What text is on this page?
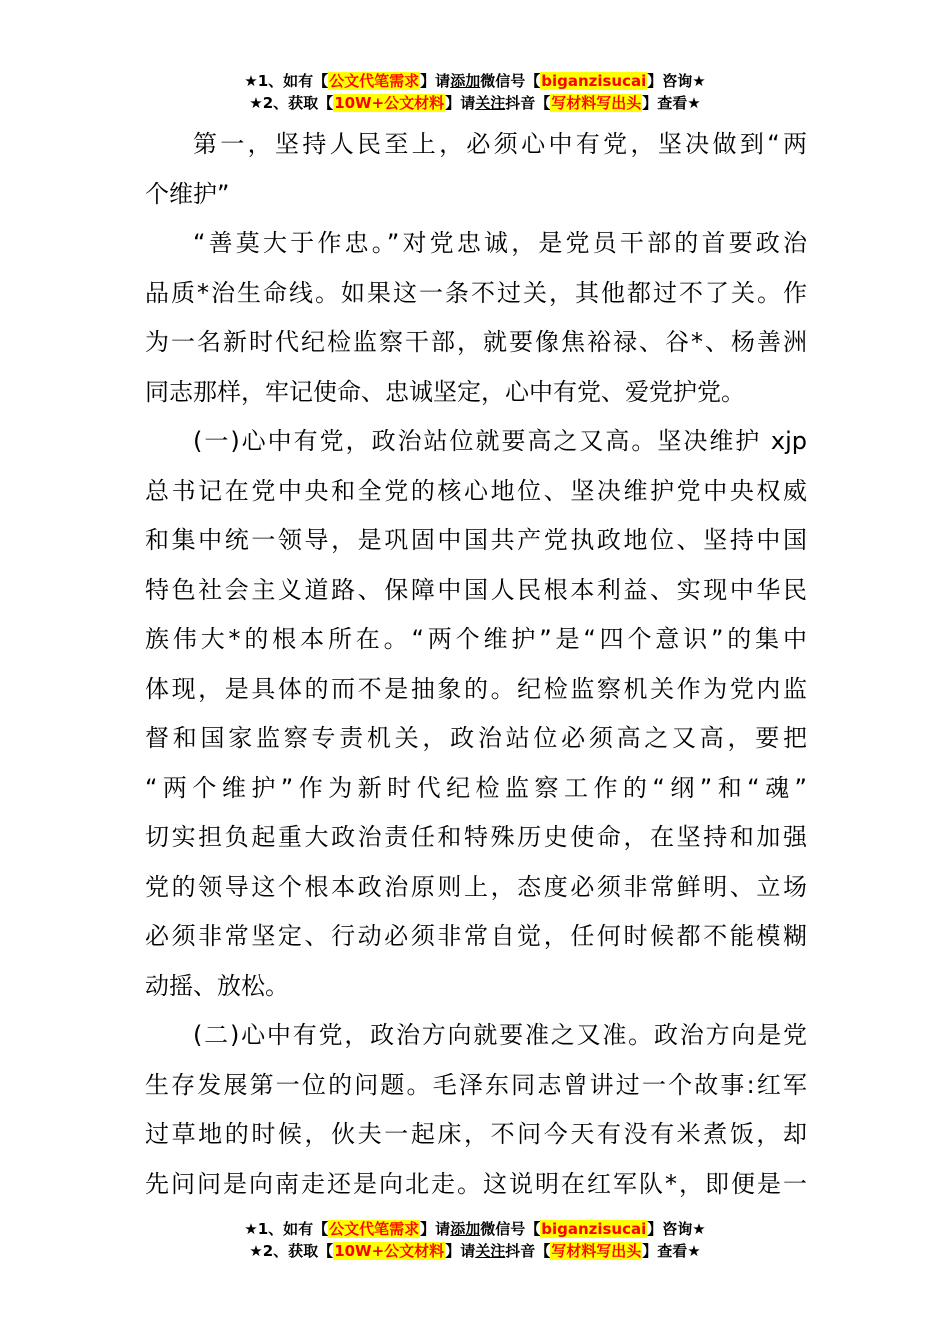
★1、如有【公文代笔需求】请添加微信号【biganzisucai】咨询★
★2、获取【10W+公文材料】请关注抖音【写材料写出头】查看★
第一，坚持人民至上，必须心中有党，坚决做到“两
个维护”
“善莫大于作忠。”对党忠诚，是党员干部的首要政治
品质*治生命线。如果这一条不过关，其他都过不了关。作
为一名新时代纪检监察干部，就要像焦裕禄、谷*、杨善洲
同志那样，牢记使命、忠诚坚定，心中有党、爱党护党。
(一)心中有党，政治站位就要高之又高。坚决维护 xjp
总书记在党中央和全党的核心地位、坚决维护党中央权威
和集中统一领导，是巩固中国共产党执政地位、坚持中国
特色社会主义道路、保障中国人民根本利益、实现中华民
族伟大*的根本所在。“两个维护”是“四个意识”的集中
体现，是具体的而不是抽象的。纪检监察机关作为党内监
督和国家监察专责机关，政治站位必须高之又高，要把
“两个维护”作为新时代纪检监察工作的“纲”和“魂”
切实担负起重大政治责任和特殊历史使命，在坚持和加强
党的领导这个根本政治原则上，态度必须非常鲜明、立场
必须非常坚定、行动必须非常自觉，任何时候都不能模糊
动摇、放松。
(二)心中有党，政治方向就要准之又准。政治方向是党
生存发展第一位的问题。毛泽东同志曾讲过一个故事:红军
过草地的时候，伙夫一起床，不问今天有没有米煮饭，却
先问问是向南走还是向北走。这说明在红军队*，即便是一
★1、如有【公文代笔需求】请添加微信号【biganzisucai】咨询★
★2、获取【10W+公文材料】请关注抖音【写材料写出头】查看★
